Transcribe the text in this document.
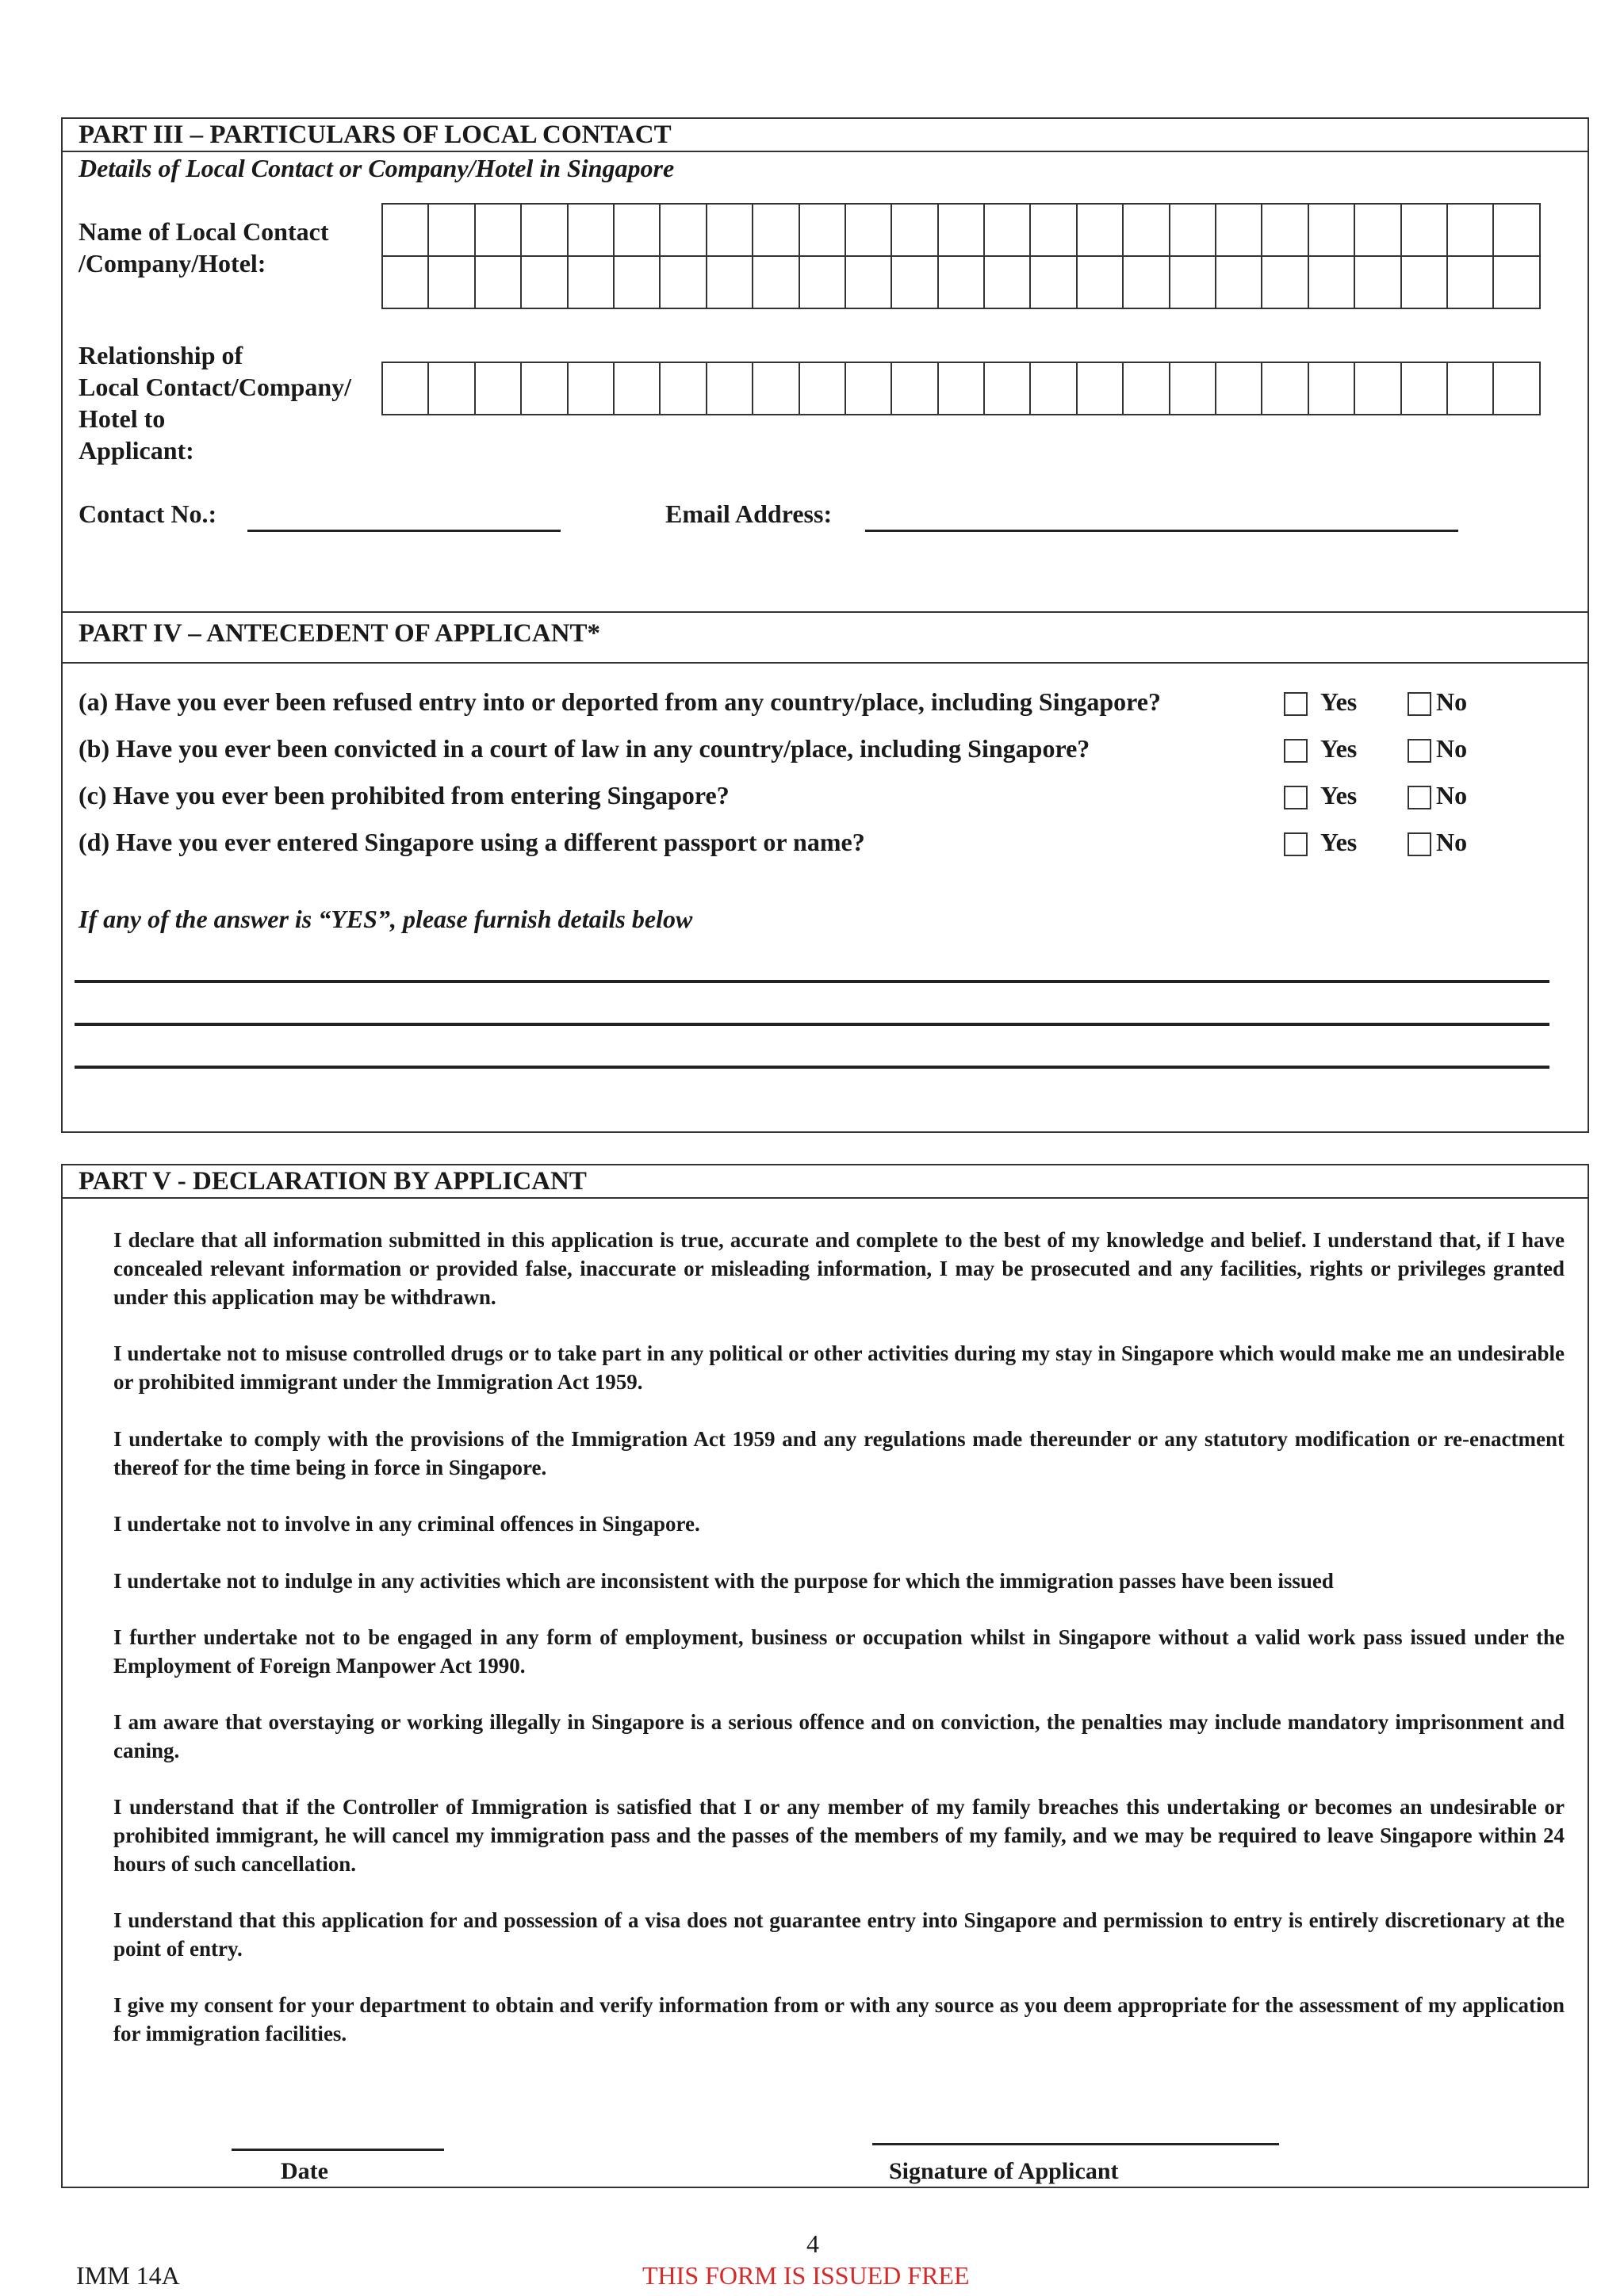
PART III – PARTICULARS OF LOCAL CONTACT
Details of Local Contact or Company/Hotel in Singapore
Name of Local Contact
/Company/Hotel:
Relationship of
Local Contact/Company/
Hotel to
Applicant:
Contact No.:	Email Address:
PART IV – ANTECEDENT OF APPLICANT*
(a) Have you ever been refused entry into or deported from any country/place, including Singapore?	Yes	No
(b) Have you ever been convicted in a court of law in any country/place, including Singapore?	Yes	No
(c) Have you ever been prohibited from entering Singapore?	Yes	No
(d) Have you ever entered Singapore using a different passport or name?	Yes	No
If any of the answer is “YES”, please furnish details below
PART V - DECLARATION BY APPLICANT
I declare that all information submitted in this application is true, accurate and complete to the best of my knowledge and belief. I understand that, if I have concealed relevant information or provided false, inaccurate or misleading information, I may be prosecuted and any facilities, rights or privileges granted under this application may be withdrawn.
I undertake not to misuse controlled drugs or to take part in any political or other activities during my stay in Singapore which would make me an undesirable or prohibited immigrant under the Immigration Act 1959.
I undertake to comply with the provisions of the Immigration Act 1959 and any regulations made thereunder or any statutory modification or re-enactment thereof for the time being in force in Singapore.
I undertake not to involve in any criminal offences in Singapore.
I undertake not to indulge in any activities which are inconsistent with the purpose for which the immigration passes have been issued
I further undertake not to be engaged in any form of employment, business or occupation whilst in Singapore without a valid work pass issued under the Employment of Foreign Manpower Act 1990.
I am aware that overstaying or working illegally in Singapore is a serious offence and on conviction, the penalties may include mandatory imprisonment and caning.
I understand that if the Controller of Immigration is satisfied that I or any member of my family breaches this undertaking or becomes an undesirable or prohibited immigrant, he will cancel my immigration pass and the passes of the members of my family, and we may be required to leave Singapore within 24 hours of such cancellation.
I understand that this application for and possession of a visa does not guarantee entry into Singapore and permission to entry is entirely discretionary at the point of entry.
I give my consent for your department to obtain and verify information from or with any source as you deem appropriate for the assessment of my application for immigration facilities.
Date	Signature of Applicant
4
IMM 14A	THIS FORM IS ISSUED FREE
